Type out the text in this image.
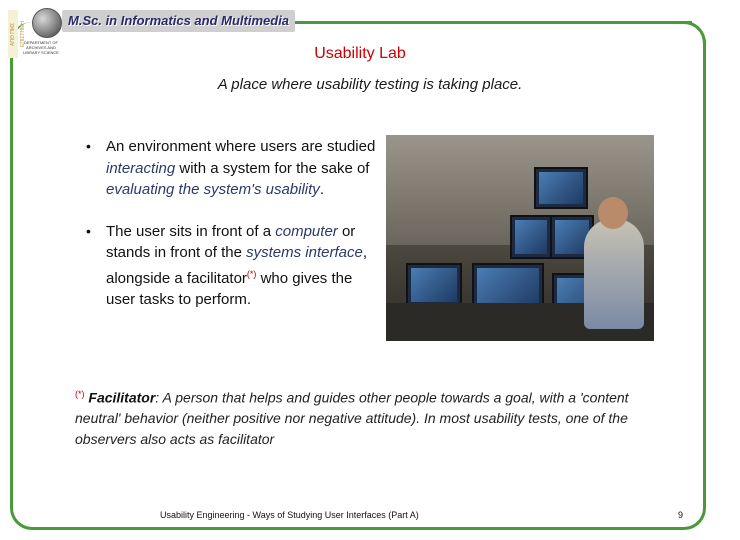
ΑΠΘ ΠΜΣ ΕΠΙΣΤΗΜΗ
DEPARTMENT OF ARCHIVES AND LIBRARY SCIENCE
M.Sc. in Informatics and Multimedia
Usability Lab
A place where usability testing is taking place.
• An environment where users are studied interacting with a system for the sake of evaluating the system's usability.
• The user sits in front of a computer or stands in front of the systems interface, alongside a facilitator(*) who gives the user tasks to perform.
(*) Facilitator: A person that helps and guides other people towards a goal, with a 'content neutral' behavior (neither positive nor negative attitude). In most usability tests, one of the observers also acts as facilitator
Usability Engineering - Ways of Studying User Interfaces (Part A)	9
